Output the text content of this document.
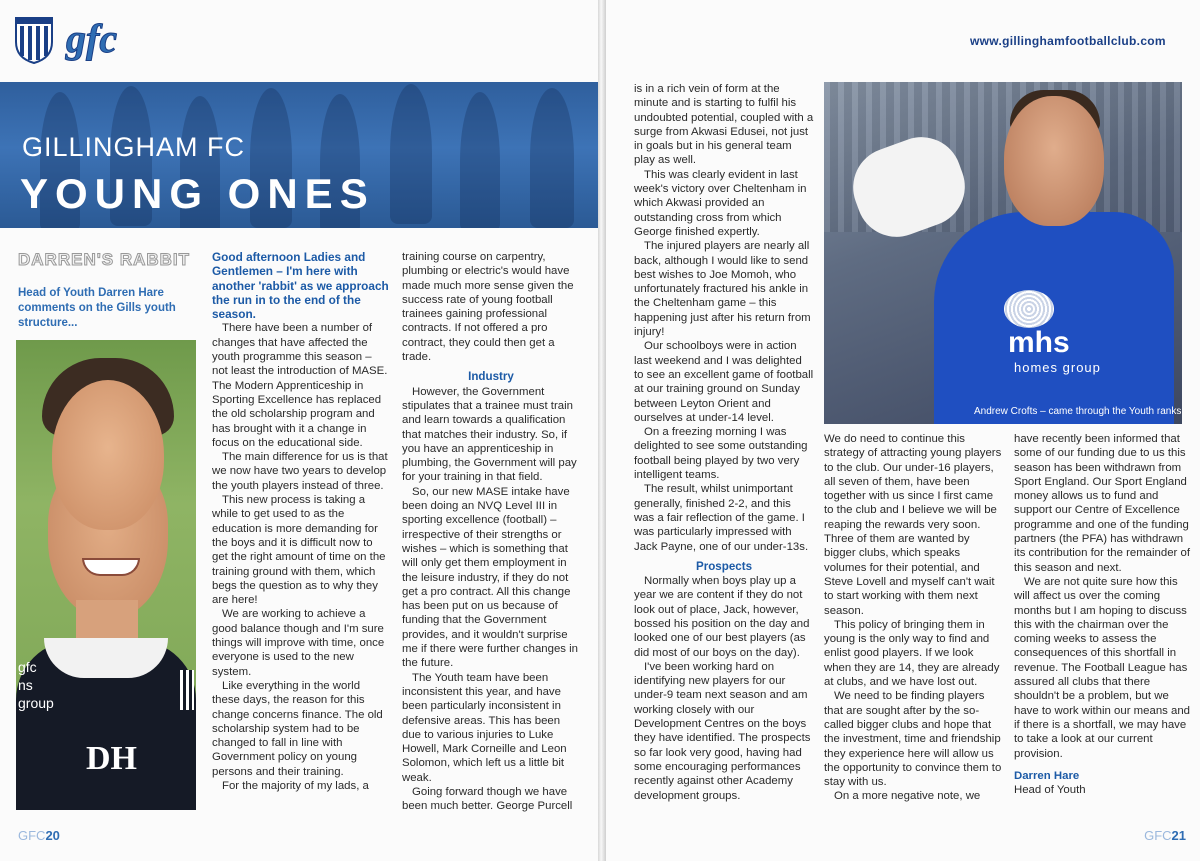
gfc
GILLINGHAM FC
YOUNG ONES
DARREN'S RABBIT
Head of Youth Darren Hare comments on the Gills youth structure...
gfc
ns
group
DH

Good afternoon Ladies and Gentlemen – I'm here with another 'rabbit' as we approach the run in to the end of the season.

There have been a number of changes that have affected the youth programme this season – not least the introduction of MASE. The Modern Apprenticeship in Sporting Excellence has replaced the old scholarship program and has brought with it a change in focus on the educational side.

The main difference for us is that we now have two years to develop the youth players instead of three.

This new process is taking a while to get used to as the education is more demanding for the boys and it is difficult now to get the right amount of time on the training ground with them, which begs the question as to why they are here!

We are working to achieve a good balance though and I'm sure things will improve with time, once everyone is used to the new system.

Like everything in the world these days, the reason for this change concerns finance. The old scholarship system had to be changed to fall in line with Government policy on young persons and their training.

For the majority of my lads, a

training course on carpentry, plumbing or electric's would have made much more sense given the success rate of young football trainees gaining professional contracts. If not offered a pro contract, they could then get a trade.

Industry

However, the Government stipulates that a trainee must train and learn towards a qualification that matches their industry. So, if you have an apprenticeship in plumbing, the Government will pay for your training in that field.

So, our new MASE intake have been doing an NVQ Level III in sporting excellence (football) – irrespective of their strengths or wishes – which is something that will only get them employment in the leisure industry, if they do not get a pro contract. All this change has been put on us because of funding that the Government provides, and it wouldn't surprise me if there were further changes in the future.

The Youth team have been inconsistent this year, and have been particularly inconsistent in defensive areas. This has been due to various injuries to Luke Howell, Mark Corneille and Leon Solomon, which left us a little bit weak.

Going forward though we have been much better. George Purcell

GFC20
www.gillinghamfootballclub.com

is in a rich vein of form at the minute and is starting to fulfil his undoubted potential, coupled with a surge from Akwasi Edusei, not just in goals but in his general team play as well.

This was clearly evident in last week's victory over Cheltenham in which Akwasi provided an outstanding cross from which George finished expertly.

The injured players are nearly all back, although I would like to send best wishes to Joe Momoh, who unfortunately fractured his ankle in the Cheltenham game – this happening just after his return from injury!

Our schoolboys were in action last weekend and I was delighted to see an excellent game of football at our training ground on Sunday between Leyton Orient and ourselves at under-14 level.

On a freezing morning I was delighted to see some outstanding football being played by two very intelligent teams.

The result, whilst unimportant generally, finished 2-2, and this was a fair reflection of the game. I was particularly impressed with Jack Payne, one of our under-13s.

Prospects

Normally when boys play up a year we are content if they do not look out of place, Jack, however, bossed his position on the day and looked one of our best players (as did most of our boys on the day).

I've been working hard on identifying new players for our under-9 team next season and am working closely with our Development Centres on the boys they have identified. The prospects so far look very good, having had some encouraging performances recently against other Academy development groups.

mhs
homes group
Andrew Crofts – came through the Youth ranks

We do need to continue this strategy of attracting young players to the club. Our under-16 players, all seven of them, have been together with us since I first came to the club and I believe we will be reaping the rewards very soon. Three of them are wanted by bigger clubs, which speaks volumes for their potential, and Steve Lovell and myself can't wait to start working with them next season.

This policy of bringing them in young is the only way to find and enlist good players. If we look when they are 14, they are already at clubs, and we have lost out.

We need to be finding players that are sought after by the so-called bigger clubs and hope that the investment, time and friendship they experience here will allow us the opportunity to convince them to stay with us.

On a more negative note, we

have recently been informed that some of our funding due to us this season has been withdrawn from Sport England. Our Sport England money allows us to fund and support our Centre of Excellence programme and one of the funding partners (the PFA) has withdrawn its contribution for the remainder of this season and next.

We are not quite sure how this will affect us over the coming months but I am hoping to discuss this with the chairman over the coming weeks to assess the consequences of this shortfall in revenue. The Football League has assured all clubs that there shouldn't be a problem, but we have to work within our means and if there is a shortfall, we may have to take a look at our current provision.

Darren Hare

Head of Youth

GFC21
